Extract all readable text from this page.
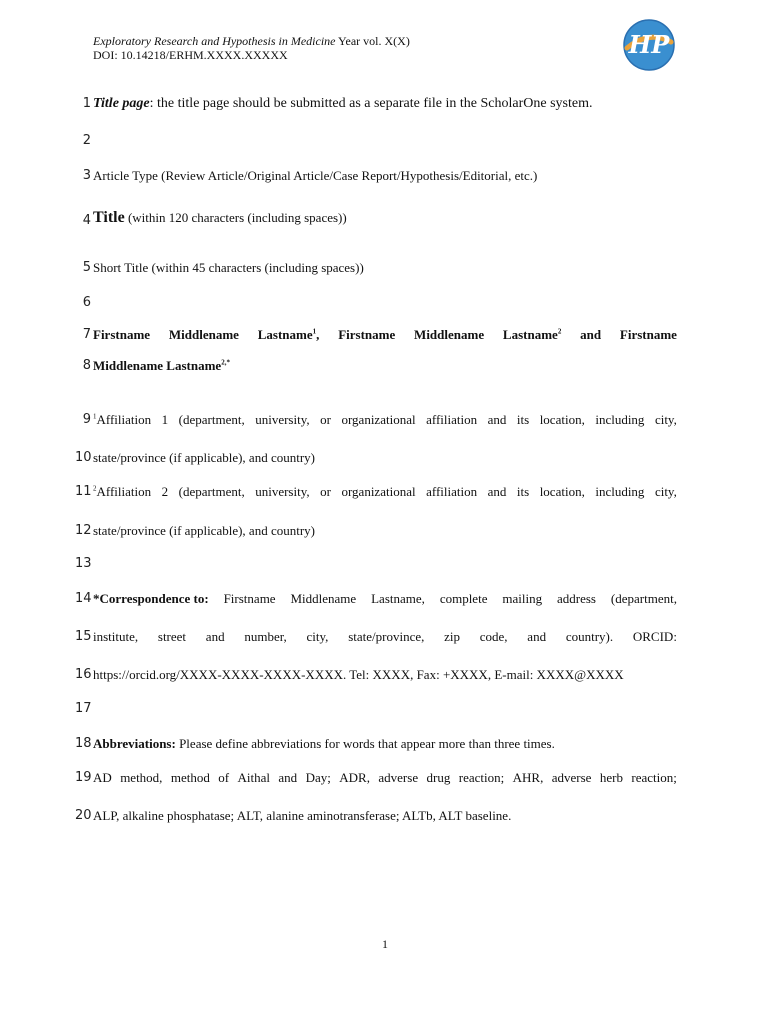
Exploratory Research and Hypothesis in Medicine Year vol. X(X)
DOI: 10.14218/ERHM.XXXX.XXXXX	HP
1 Title page: the title page should be submitted as a separate file in the ScholarOne system.
2
3 Article Type (Review Article/Original Article/Case Report/Hypothesis/Editorial, etc.)
4 Title (within 120 characters (including spaces))
5 Short Title (within 45 characters (including spaces))
6
7 Firstname Middlename Lastname$^1$, Firstname Middlename Lastname$^2$ and Firstname
8 Middlename Lastname$^{2,*}$
9 $^1$Affiliation 1 (department, university, or organizational affiliation and its location, including city,
10 state/province (if applicable), and country)
11 $^2$Affiliation 2 (department, university, or organizational affiliation and its location, including city,
12 state/province (if applicable), and country)
13
14 *Correspondence to: Firstname Middlename Lastname, complete mailing address (department,
15 institute, street and number, city, state/province, zip code, and country). ORCID:
16 https://orcid.org/XXXX-XXXX-XXXX-XXXX. Tel: XXXX, Fax: +XXXX, E-mail: XXXX@XXXX
17
18 Abbreviations: Please define abbreviations for words that appear more than three times.
19 AD method, method of Aithal and Day; ADR, adverse drug reaction; AHR, adverse herb reaction;
20 ALP, alkaline phosphatase; ALT, alanine aminotransferase; ALTb, ALT baseline.
1
